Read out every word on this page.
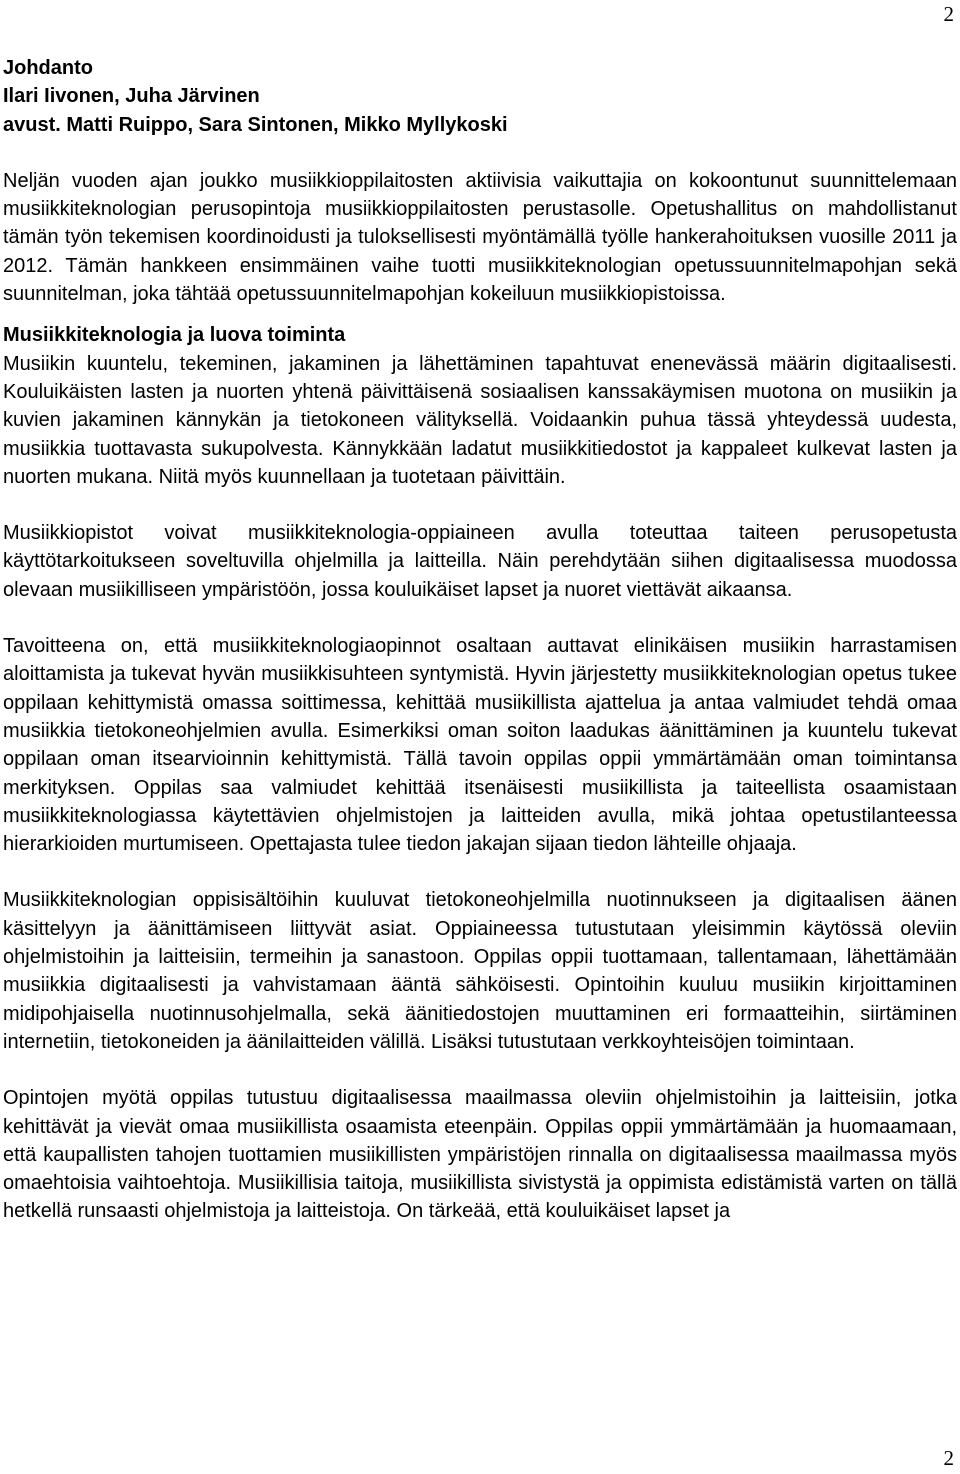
2
Johdanto
Ilari Iivonen, Juha Järvinen
avust. Matti Ruippo, Sara Sintonen, Mikko Myllykoski

Neljän vuoden ajan joukko musiikkioppilaitosten aktiivisia vaikuttajia on kokoontunut suunnittelemaan musiikkiteknologian perusopintoja musiikkioppilaitosten perustasolle. Opetushallitus on mahdollistanut tämän työn tekemisen koordinoidusti ja tuloksellisesti myöntämällä työlle hankerahoituksen vuosille 2011 ja 2012. Tämän hankkeen ensimmäinen vaihe tuotti musiikkiteknologian opetussuunnitelmapohjan sekä suunnitelman, joka tähtää opetussuunnitelmapohjan kokeiluun musiikkiopistoissa.

Musiikkiteknologia ja luova toiminta

Musiikin kuuntelu, tekeminen, jakaminen ja lähettäminen tapahtuvat enenevässä määrin digitaalisesti. Kouluikäisten lasten ja nuorten yhtenä päivittäisenä sosiaalisen kanssakäymisen muotona on musiikin ja kuvien jakaminen kännykän ja tietokoneen välityksellä. Voidaankin puhua tässä yhteydessä uudesta, musiikkia tuottavasta sukupolvesta. Kännykkään ladatut musiikkitiedostot ja kappaleet kulkevat lasten ja nuorten mukana. Niitä myös kuunnellaan ja tuotetaan päivittäin.

Musiikkiopistot voivat musiikkiteknologia-oppiaineen avulla toteuttaa taiteen perusopetusta käyttötarkoitukseen soveltuvilla ohjelmilla ja laitteilla. Näin perehdytään siihen digitaalisessa muodossa olevaan musiikilliseen ympäristöön, jossa kouluikäiset lapset ja nuoret viettävät aikaansa.

Tavoitteena on, että musiikkiteknologiaopinnot osaltaan auttavat elinikäisen musiikin harrastamisen aloittamista ja tukevat hyvän musiikkisuhteen syntymistä. Hyvin järjestetty musiikkiteknologian opetus tukee oppilaan kehittymistä omassa soittimessa, kehittää musiikillista ajattelua ja antaa valmiudet tehdä omaa musiikkia tietokoneohjelmien avulla. Esimerkiksi oman soiton laadukas äänittäminen ja kuuntelu tukevat oppilaan oman itsearvioinnin kehittymistä. Tällä tavoin oppilas oppii ymmärtämään oman toimintansa merkityksen. Oppilas saa valmiudet kehittää itsenäisesti musiikillista ja taiteellista osaamistaan musiikkiteknologiassa käytettävien ohjelmistojen ja laitteiden avulla, mikä johtaa opetustilanteessa hierarkioiden murtumiseen. Opettajasta tulee tiedon jakajan sijaan tiedon lähteille ohjaaja.

Musiikkiteknologian oppisisältöihin kuuluvat tietokoneohjelmilla nuotinnukseen ja digitaalisen äänen käsittelyyn ja äänittämiseen liittyvät asiat. Oppiaineessa tutustutaan yleisimmin käytössä oleviin ohjelmistoihin ja laitteisiin, termeihin ja sanastoon. Oppilas oppii tuottamaan, tallentamaan, lähettämään musiikkia digitaalisesti ja vahvistamaan ääntä sähköisesti. Opintoihin kuuluu musiikin kirjoittaminen midipohjaisella nuotinnusohjelmalla, sekä äänitiedostojen muuttaminen eri formaatteihin, siirtäminen internetiin, tietokoneiden ja äänilaitteiden välillä. Lisäksi tutustutaan verkkoyhteisöjen toimintaan.

Opintojen myötä oppilas tutustuu digitaalisessa maailmassa oleviin ohjelmistoihin ja laitteisiin, jotka kehittävät ja vievät omaa musiikillista osaamista eteenpäin. Oppilas oppii ymmärtämään ja huomaamaan, että kaupallisten tahojen tuottamien musiikillisten ympäristöjen rinnalla on digitaalisessa maailmassa myös omaehtoisia vaihtoehtoja. Musiikillisia taitoja, musiikillista sivistystä ja oppimista edistämistä varten on tällä hetkellä runsaasti ohjelmistoja ja laitteistoja. On tärkeää, että kouluikäiset lapset ja

2
